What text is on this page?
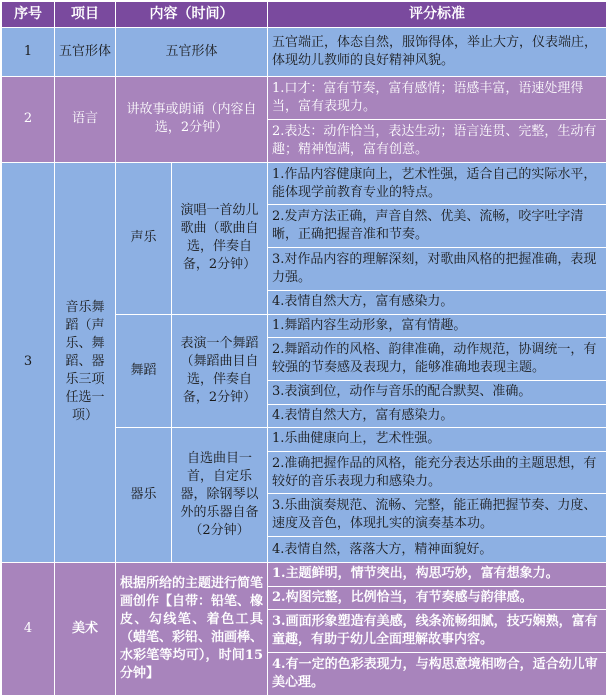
序号	项目	内容（时间）		评分标准
1	五官形体	五官形体		五官端正，体态自然，服饰得体，举止大方，仪表端庄，体现幼儿教师的良好精神风貌。
2	语言	讲故事或朗诵（内容自选，2分钟）		1.口才：富有节奏，富有感情；语感丰富，语速处理得当，富有表现力。
				2.表达：动作恰当，表达生动；语言连贯、完整，生动有趣；精神饱满，富有创意。
3	音乐舞蹈（声乐、舞蹈、器乐三项任选一项）	声乐	演唱一首幼儿歌曲（歌曲自选，伴奏自备，2分钟）	1.作品内容健康向上，艺术性强，适合自己的实际水平，能体现学前教育专业的特点。
				2.发声方法正确，声音自然、优美、流畅，咬字吐字清晰，正确把握音准和节奏。
				3.对作品内容的理解深刻，对歌曲风格的把握准确，表现力强。
				4.表情自然大方，富有感染力。
		舞蹈	表演一个舞蹈（舞蹈曲目自选，伴奏自备，2分钟）	1.舞蹈内容生动形象，富有情趣。
				2.舞蹈动作的风格、韵律准确，动作规范，协调统一，有较强的节奏感及表现力，能够准确地表现主题。
				3.表演到位，动作与音乐的配合默契、准确。
				4.表情自然大方，富有感染力。
		器乐	自选曲目一首，自定乐器，除钢琴以外的乐器自备（2分钟）	1.乐曲健康向上，艺术性强。
				2.准确把握作品的风格，能充分表达乐曲的主题思想，有较好的音乐表现力和感染力。
				3.乐曲演奏规范、流畅、完整，能正确把握节奏、力度、速度及音色，体现扎实的演奏基本功。
				4.表情自然，落落大方，精神面貌好。
4	美术	根据所给的主题进行简笔画创作【自带：铅笔、橡皮、勾线笔、着色工具（蜡笔、彩铅、油画棒、水彩笔等均可），时间15分钟】		1.主题鲜明，情节突出，构思巧妙，富有想象力。
				2.构图完整，比例恰当，有节奏感与韵律感。
				3.画面形象塑造有美感，线条流畅细腻，技巧娴熟，富有童趣，有助于幼儿全面理解故事内容。
				4.有一定的色彩表现力，与构思意境相吻合，适合幼儿审美心理。
